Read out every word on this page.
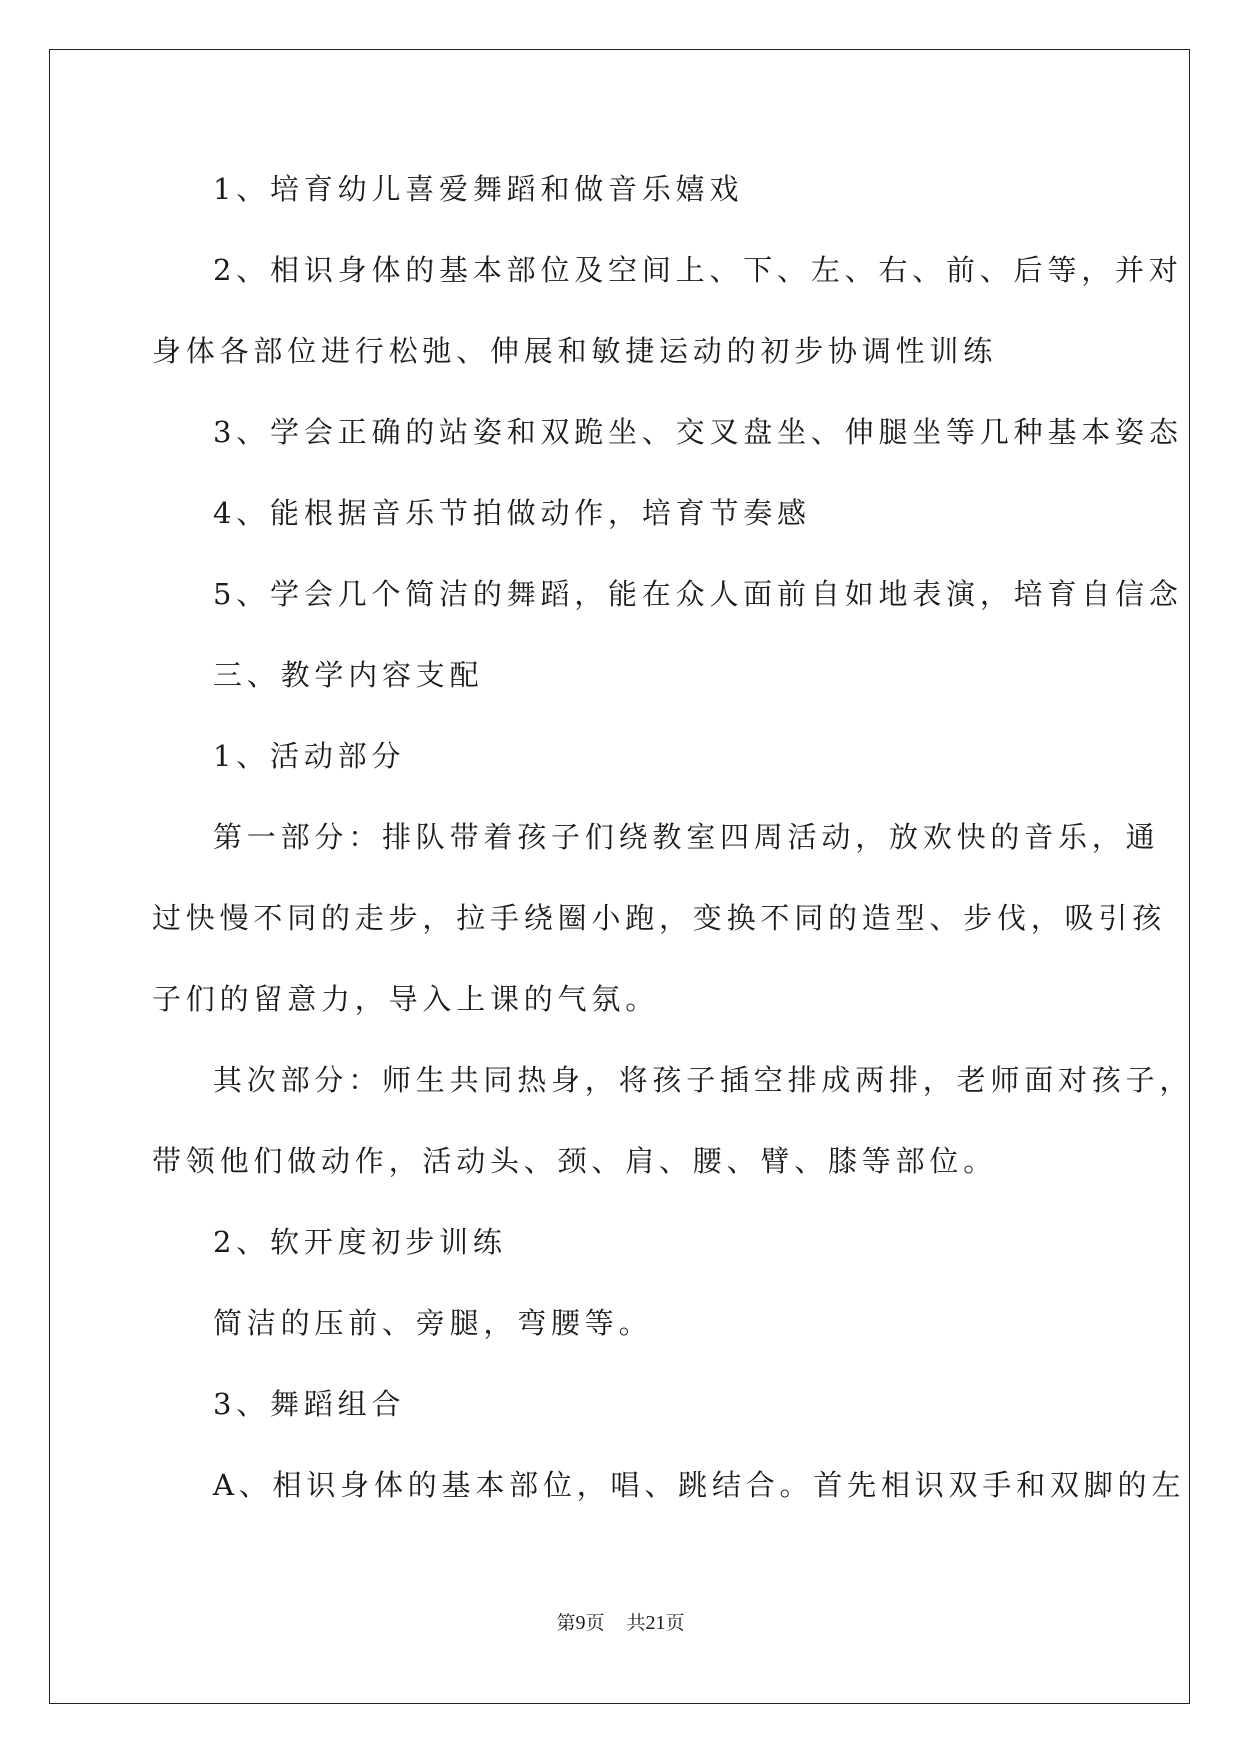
1、培育幼儿喜爱舞蹈和做音乐嬉戏
2、相识身体的基本部位及空间上、下、左、右、前、后等，并对
身体各部位进行松弛、伸展和敏捷运动的初步协调性训练
3、学会正确的站姿和双跪坐、交叉盘坐、伸腿坐等几种基本姿态
4、能根据音乐节拍做动作，培育节奏感
5、学会几个简洁的舞蹈，能在众人面前自如地表演，培育自信念
三、教学内容支配
1、活动部分
第一部分：排队带着孩子们绕教室四周活动，放欢快的音乐，通
过快慢不同的走步，拉手绕圈小跑，变换不同的造型、步伐，吸引孩
子们的留意力，导入上课的气氛。
其次部分：师生共同热身，将孩子插空排成两排，老师面对孩子，
带领他们做动作，活动头、颈、肩、腰、臂、膝等部位。
2、软开度初步训练
简洁的压前、旁腿，弯腰等。
3、舞蹈组合
A、相识身体的基本部位，唱、跳结合。首先相识双手和双脚的左
第9页 共21页
